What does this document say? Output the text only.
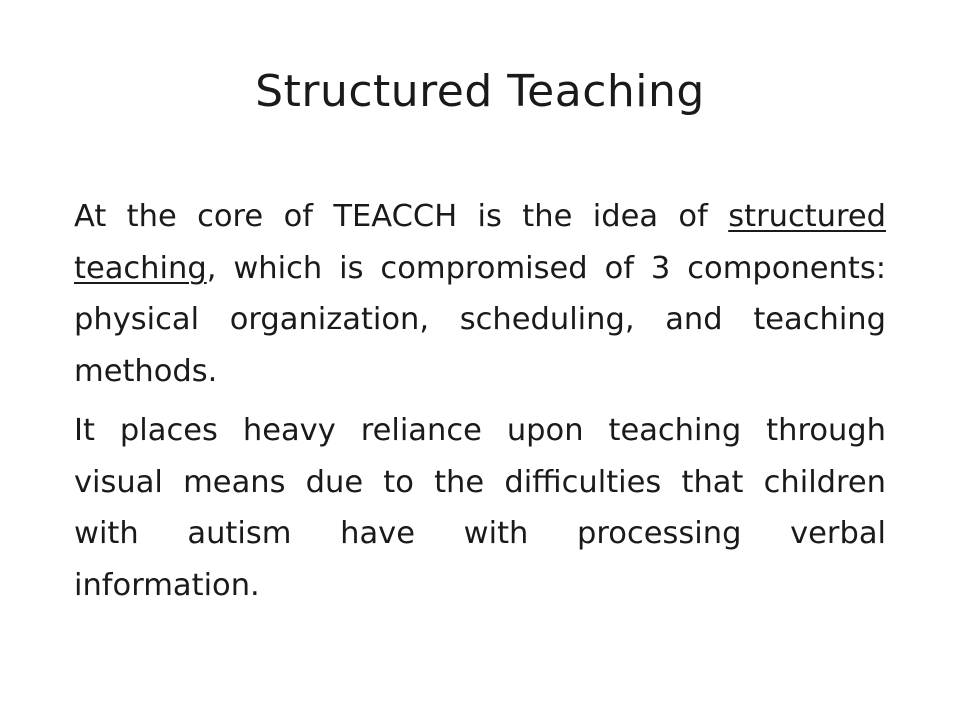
Structured Teaching

At the core of TEACCH is the idea of structured teaching, which is compromised of 3 components: physical organization, scheduling, and teaching methods.

It places heavy reliance upon teaching through visual means due to the difficulties that children with autism have with processing verbal information.
